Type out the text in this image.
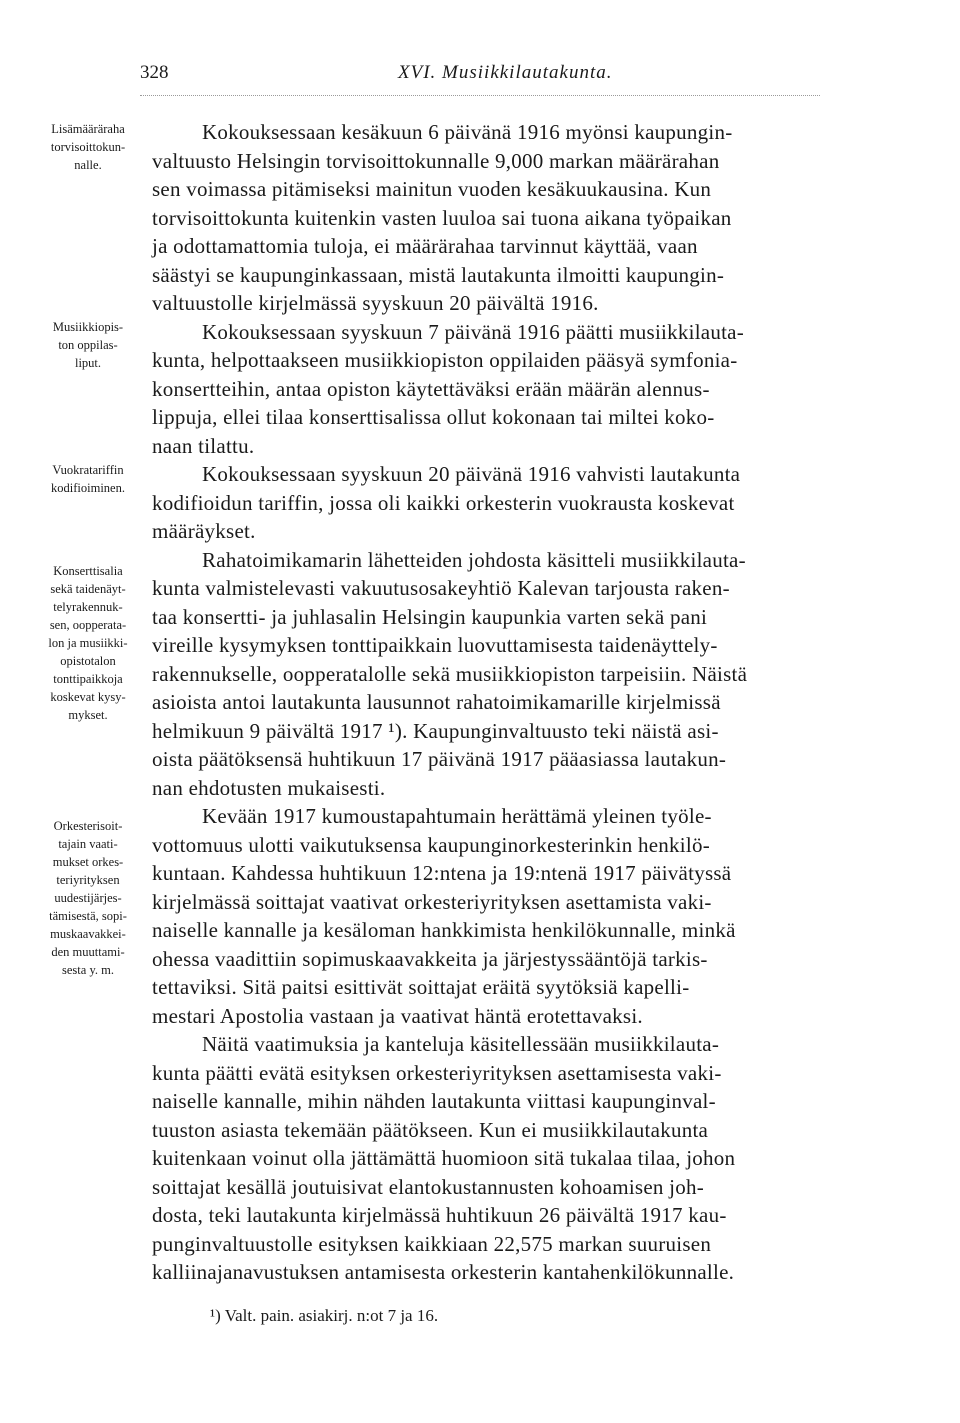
328	XVI. Musiikkilautakunta.
Lisämääräraha
torvisoittokun-
nalle.
Musiikkiopis-
ton oppilas-
liput.
Vuokratariffin
kodifioiminen.
Konserttisalia
sekä taidenäyt-
telyrakennuk-
sen, oopperata-
lon ja musiikki-
opistotalon
tonttipaikkoja
koskevat kysy-
mykset.
Orkesterisoit-
tajain vaati-
mukset orkes-
teriyrityksen
uudestijärjes-
tämisestä, sopi-
muskaavakkei-
den muuttami-
sesta y. m.
Kokouksessaan kesäkuun 6 päivänä 1916 myönsi kaupungin-
valtuusto Helsingin torvisoittokunnalle 9,000 markan määrärahan
sen voimassa pitämiseksi mainitun vuoden kesäkuukausina. Kun
torvisoittokunta kuitenkin vasten luuloa sai tuona aikana työpaikan
ja odottamattomia tuloja, ei määrärahaa tarvinnut käyttää, vaan
säästyi se kaupunginkassaan, mistä lautakunta ilmoitti kaupungin-
valtuustolle kirjelmässä syyskuun 20 päivältä 1916.
Kokouksessaan syyskuun 7 päivänä 1916 päätti musiikkilauta-
kunta, helpottaakseen musiikkiopiston oppilaiden pääsyä symfonia-
konsertteihin, antaa opiston käytettäväksi erään määrän alennus-
lippuja, ellei tilaa konserttisalissa ollut kokonaan tai miltei koko-
naan tilattu.
Kokouksessaan syyskuun 20 päivänä 1916 vahvisti lautakunta
kodifioidun tariffin, jossa oli kaikki orkesterin vuokrausta koskevat
määräykset.
Rahatoimikamarin lähetteiden johdosta käsitteli musiikkilauta-
kunta valmistelevasti vakuutusosakeyhtiö Kalevan tarjousta raken-
taa konsertti- ja juhlasalin Helsingin kaupunkia varten sekä pani
vireille kysymyksen tonttipaikkain luovuttamisesta taidenäyttely-
rakennukselle, oopperatalolle sekä musiikkiopiston tarpeisiin. Näistä
asioista antoi lautakunta lausunnot rahatoimikamarille kirjelmissä
helmikuun 9 päivältä 1917 ¹). Kaupunginvaltuusto teki näistä asi-
oista päätöksensä huhtikuun 17 päivänä 1917 pääasiassa lautakun-
nan ehdotusten mukaisesti.
Kevään 1917 kumoustapahtumain herättämä yleinen työle-
vottomuus ulotti vaikutuksensa kaupunginorkesterinkin henkilö-
kuntaan. Kahdessa huhtikuun 12:ntena ja 19:ntenä 1917 päivätyssä
kirjelmässä soittajat vaativat orkesteriyrityksen asettamista vaki-
naiselle kannalle ja kesäloman hankkimista henkilökunnalle, minkä
ohessa vaadittiin sopimuskaavakkeita ja järjestyssääntöjä tarkis-
tettaviksi. Sitä paitsi esittivät soittajat eräitä syytöksiä kapelli-
mestari Apostolia vastaan ja vaativat häntä erotettavaksi.
Näitä vaatimuksia ja kanteluja käsitellessään musiikkilauta-
kunta päätti evätä esityksen orkesteriyrityksen asettamisesta vaki-
naiselle kannalle, mihin nähden lautakunta viittasi kaupunginval-
tuuston asiasta tekemään päätökseen. Kun ei musiikkilautakunta
kuitenkaan voinut olla jättämättä huomioon sitä tukalaa tilaa, johon
soittajat kesällä joutuisivat elantokustannusten kohoamisen joh-
dosta, teki lautakunta kirjelmässä huhtikuun 26 päivältä 1917 kau-
punginvaltuustolle esityksen kaikkiaan 22,575 markan suuruisen
kalliinajanavustuksen antamisesta orkesterin kantahenkilökunnalle.
¹) Valt. pain. asiakirj. n:ot 7 ja 16.
